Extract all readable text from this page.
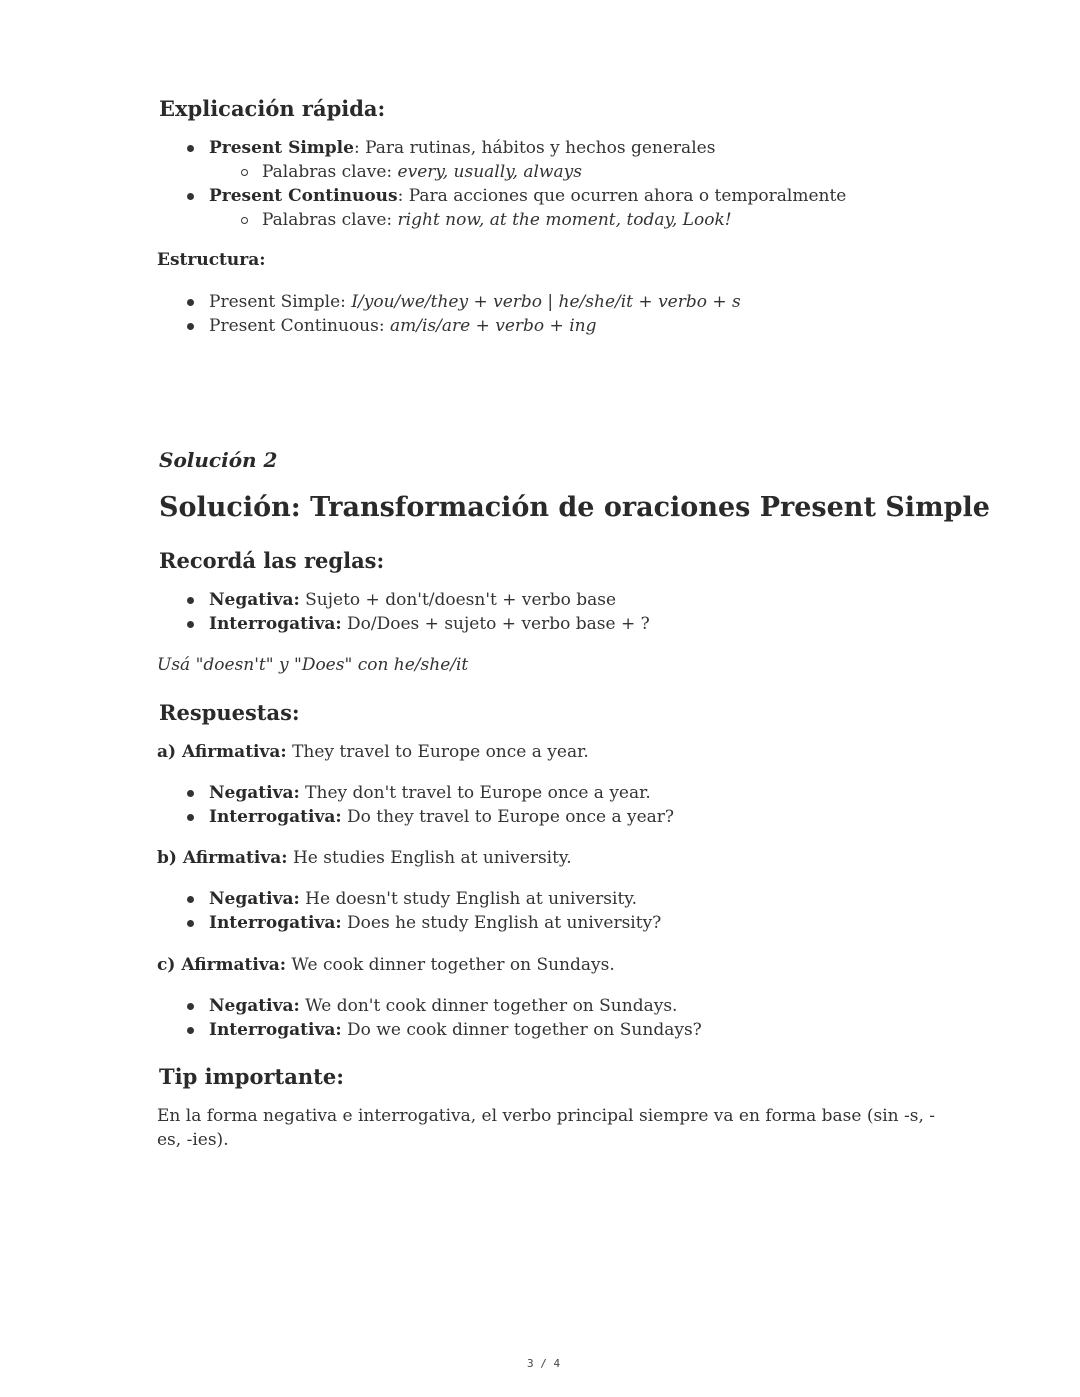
Explicación rápida:
Present Simple: Para rutinas, hábitos y hechos generales
Palabras clave: every, usually, always
Present Continuous: Para acciones que ocurren ahora o temporalmente
Palabras clave: right now, at the moment, today, Look!
Estructura:
Present Simple: I/you/we/they + verbo | he/she/it + verbo + s
Present Continuous: am/is/are + verbo + ing
Solución 2
Solución: Transformación de oraciones Present Simple
Recordá las reglas:
Negativa: Sujeto + don't/doesn't + verbo base
Interrogativa: Do/Does + sujeto + verbo base + ?
Usá "doesn't" y "Does" con he/she/it
Respuestas:
a) Afirmativa: They travel to Europe once a year.
Negativa: They don't travel to Europe once a year.
Interrogativa: Do they travel to Europe once a year?
b) Afirmativa: He studies English at university.
Negativa: He doesn't study English at university.
Interrogativa: Does he study English at university?
c) Afirmativa: We cook dinner together on Sundays.
Negativa: We don't cook dinner together on Sundays.
Interrogativa: Do we cook dinner together on Sundays?
Tip importante:
En la forma negativa e interrogativa, el verbo principal siempre va en forma base (sin -s, -
es, -ies).
3 / 4
